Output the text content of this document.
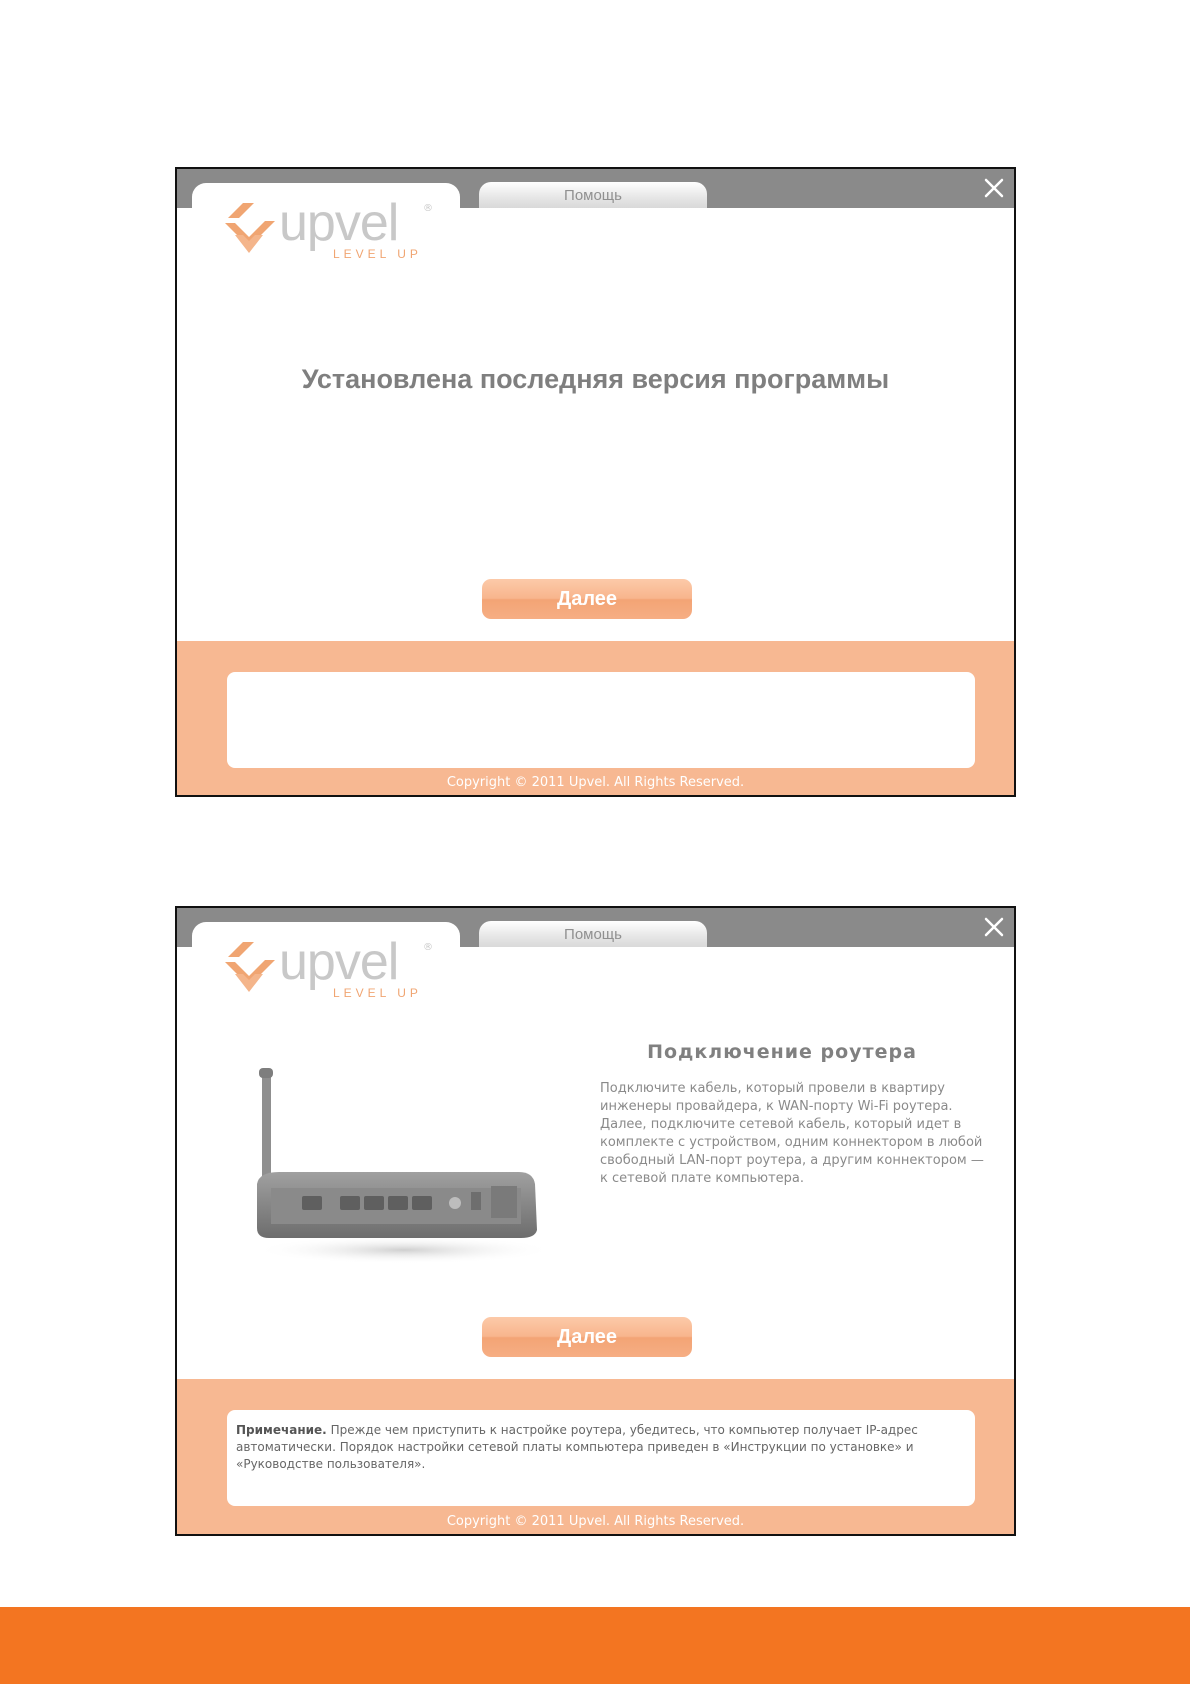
Помощь
upvel ®
LEVEL UP
Установлена последняя версия программы
Далее
Copyright © 2011 Upvel. All Rights Reserved.
Помощь
upvel ®
LEVEL UP
Подключение роутера
Подключите кабель, который провели в квартиру инженеры провайдера, к WAN-порту Wi-Fi роутера. Далее, подключите сетевой кабель, который идет в комплекте с устройством, одним коннектором в любой свободный LAN-порт роутера, а другим коннектором — к сетевой плате компьютера.
Далее
Примечание. Прежде чем приступить к настройке роутера, убедитесь, что компьютер получает IP-адрес автоматически. Порядок настройки сетевой платы компьютера приведен в «Инструкции по установке» и «Руководстве пользователя».
Copyright © 2011 Upvel. All Rights Reserved.
